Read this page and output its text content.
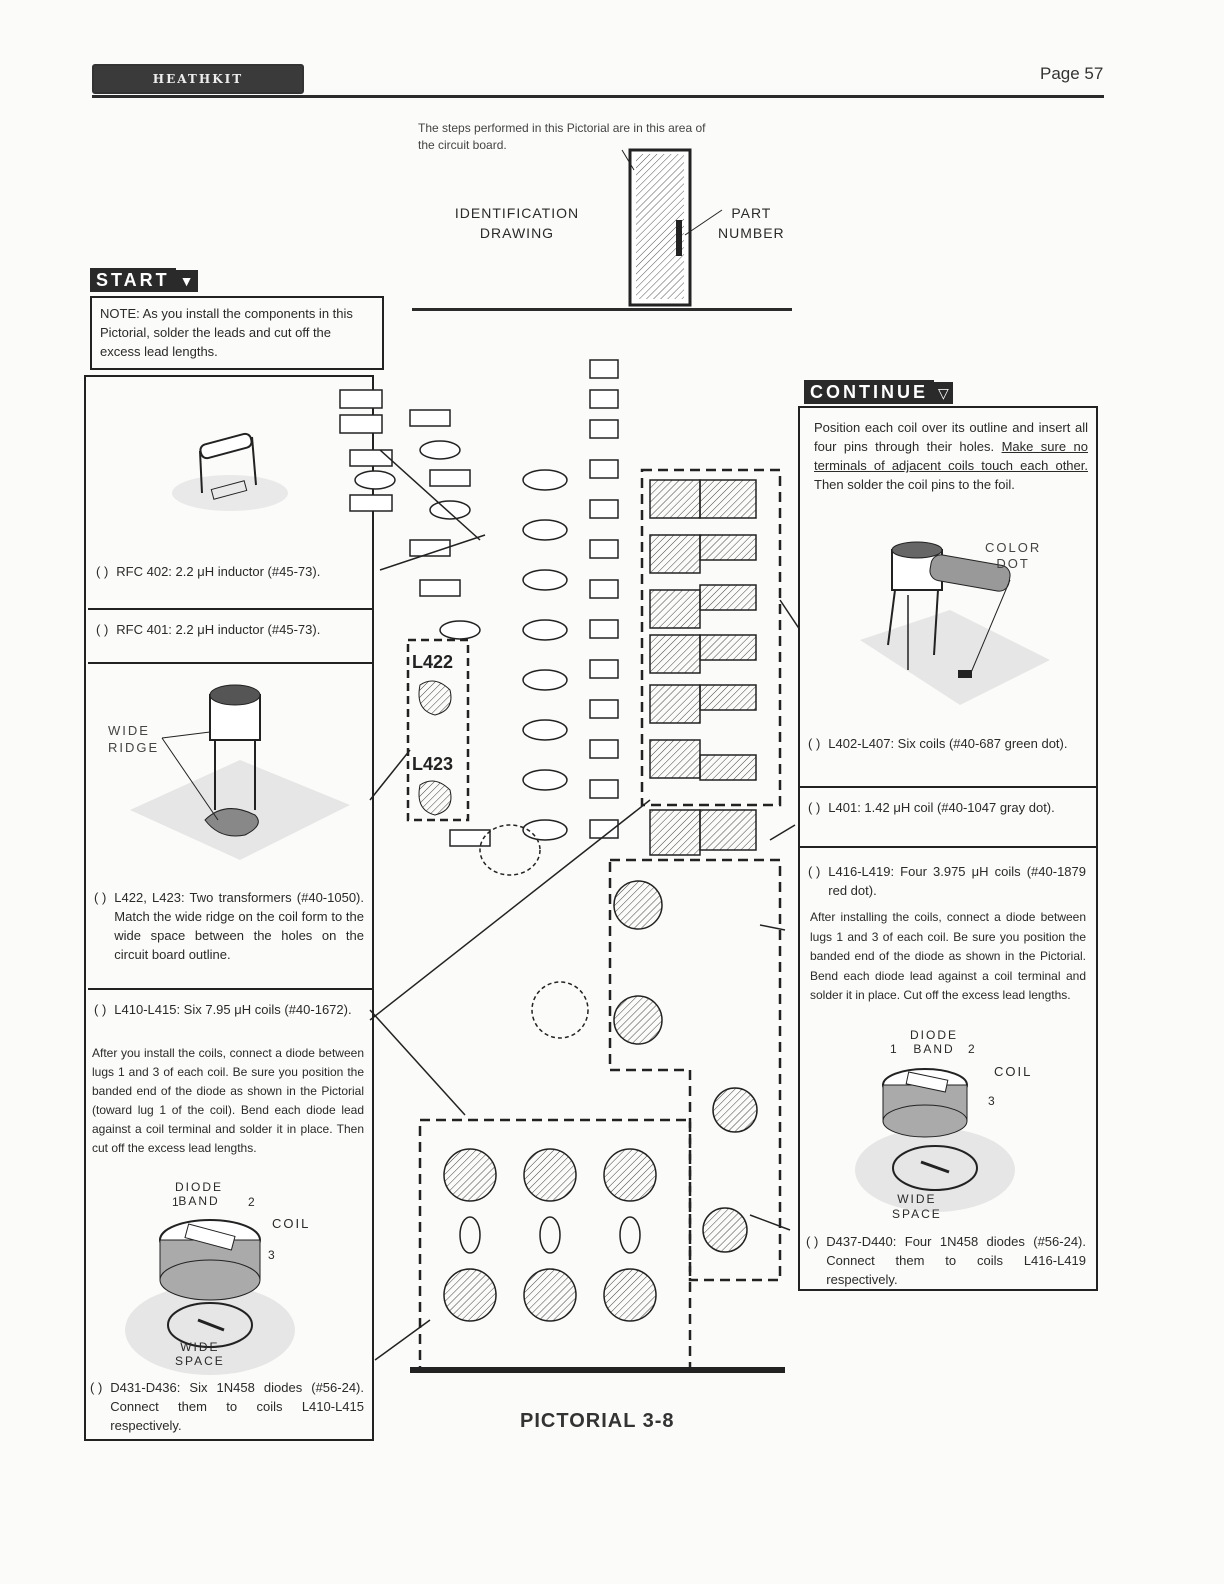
HEATHKIT	Page 57
The steps performed in this Pictorial are in this area of the circuit board.
IDENTIFICATION
DRAWING
PART
NUMBER
START ▼
NOTE: As you install the components in this Pictorial, solder the leads and cut off the excess lead lengths.
( ) RFC 402: 2.2 μH inductor (#45-73).
( ) RFC 401: 2.2 μH inductor (#45-73).
WIDE
RIDGE
( ) L422, L423: Two transformers (#40-1050). Match the wide ridge on the coil form to the wide space between the holes on the circuit board outline.
( ) L410-L415: Six 7.95 μH coils (#40-1672).
After you install the coils, connect a diode between lugs 1 and 3 of each coil. Be sure you position the banded end of the diode as shown in the Pictorial (toward lug 1 of the coil). Bend each diode lead against a coil terminal and solder it in place. Then cut off the excess lead lengths.
DIODE
BAND
1	2
3
COIL
WIDE
SPACE
( ) D431-D436: Six 1N458 diodes (#56-24). Connect them to coils L410-L415 respectively.
L422
L423
PICTORIAL 3-8
CONTINUE ▽
Position each coil over its outline and insert all four pins through their holes. Make sure no terminals of adjacent coils touch each other. Then solder the coil pins to the foil.
COLOR
DOT
( ) L402-L407: Six coils (#40-687 green dot).
( ) L401: 1.42 μH coil (#40-1047 gray dot).
( ) L416-L419: Four 3.975 μH coils (#40-1879 red dot).
After installing the coils, connect a diode between lugs 1 and 3 of each coil. Be sure you position the banded end of the diode as shown in the Pictorial. Bend each diode lead against a coil terminal and solder it in place. Cut off the excess lead lengths.
DIODE
BAND
1	2
3
COIL
WIDE
SPACE
( ) D437-D440: Four 1N458 diodes (#56-24). Connect them to coils L416-L419 respectively.
